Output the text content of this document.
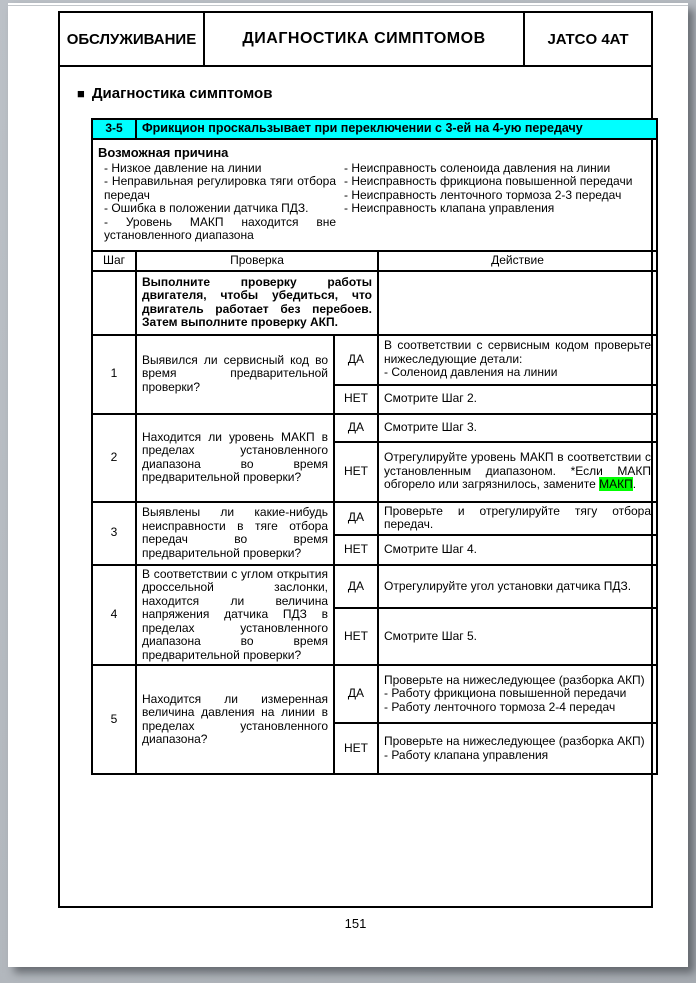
ОБСЛУЖИВАНИЕ	ДИАГНОСТИКА СИМПТОМОВ	JATCO 4AT
■ Диагностика симптомов
3-5	Фрикцион проскальзывает при переключении с 3-ей на 4-ую передачу		

Возможная причина
- Низкое давление на линии
- Неправильная регулировка тяги отбора передач
- Ошибка в положении датчика ПДЗ.
- Уровень МАКП находится вне установленного диапазона
- Неисправность соленоида давления на линии
- Неисправность фрикциона повышенной передачи
- Неисправность ленточного тормоза 2-3 передач
- Неисправность клапана управления

Шаг	Проверка		Действие
	Выполните проверку работы двигателя, чтобы убедиться, что двигатель работает без перебоев. Затем выполните проверку АКП.		
1	Выявился ли сервисный код во время предварительной проверки?	ДА	В соответствии с сервисным кодом проверьте нижеследующие детали:
- Соленоид давления на линии

		НЕТ	Смотрите Шаг 2.
2	Находится ли уровень МАКП в пределах установленного диапазона во время предварительной проверки?	ДА	Смотрите Шаг 3.
		НЕТ	Отрегулируйте уровень МАКП в соответствии с установленным диапазоном. *Если МАКП обгорело или загрязнилось, замените МАКП.
3	Выявлены ли какие-нибудь неисправности в тяге отбора передач во время предварительной проверки?	ДА	Проверьте и отрегулируйте тягу отбора передач.
		НЕТ	Смотрите Шаг 4.
4	В соответствии с углом открытия дроссельной заслонки, находится ли величина напряжения датчика ПДЗ в пределах установленного диапазона во время предварительной проверки?	ДА	Отрегулируйте угол установки датчика ПДЗ.
		НЕТ	Смотрите Шаг 5.
5	Находится ли измеренная величина давления на линии в пределах установленного диапазона?	ДА	Проверьте на нижеследующее (разборка АКП)
- Работу фрикциона повышенной передачи
- Работу ленточного тормоза 2-4 передач

		НЕТ	Проверьте на нижеследующее (разборка АКП)
- Работу клапана управления
151
